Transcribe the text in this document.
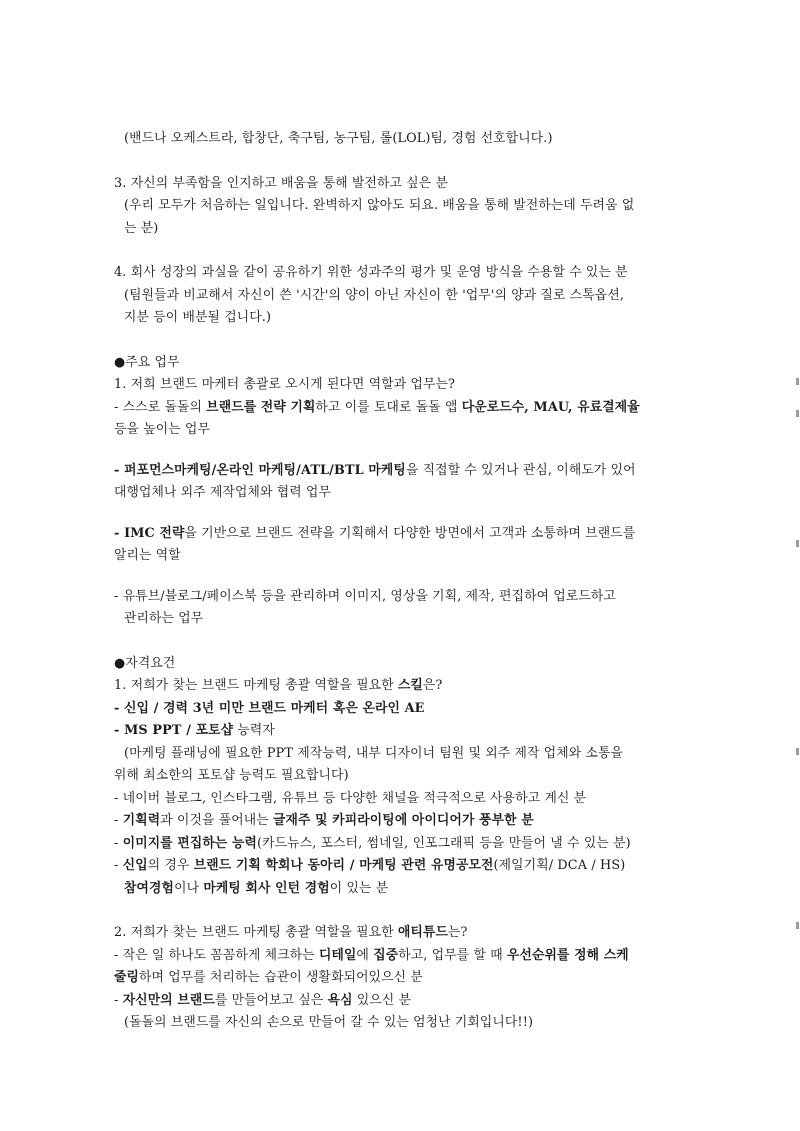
(밴드나 오케스트라, 합창단, 축구팀, 농구팀, 롤(LOL)팀, 경험 선호합니다.)

3. 자신의 부족함을 인지하고 배움을 통해 발전하고 싶은 분

(우리 모두가 처음하는 일입니다. 완벽하지 않아도 되요. 배움을 통해 발전하는데 두려움 없

는 분)

4. 회사 성장의 과실을 같이 공유하기 위한 성과주의 평가 및 운영 방식을 수용할 수 있는 분

(팀원들과 비교해서 자신이 쓴 '시간'의 양이 아닌 자신이 한 '업무'의 양과 질로 스톡옵션,

지분 등이 배분될 겁니다.)

●주요 업무

1. 저희 브랜드 마케터 총괄로 오시게 된다면 역할과 업무는?

- 스스로 돌돌의 브랜드를 전략 기획하고 이를 토대로 돌돌 앱 다운로드수, MAU, 유료결제율

등을 높이는 업무

- 퍼포먼스마케팅/온라인 마케팅/ATL/BTL 마케팅을 직접할 수 있거나 관심, 이해도가 있어

대행업체나 외주 제작업체와 협력 업무

- IMC 전략을 기반으로 브랜드 전략을 기획해서 다양한 방면에서 고객과 소통하며 브랜드를

알리는 역할

- 유튜브/블로그/페이스북 등을 관리하며 이미지, 영상을 기획, 제작, 편집하여 업로드하고

관리하는 업무

●자격요건

1. 저희가 찾는 브랜드 마케팅 총괄 역할을 필요한 스킬은?

- 신입 / 경력 3년 미만 브랜드 마케터 혹은 온라인 AE

- MS PPT / 포토샵 능력자

(마케팅 플래닝에 필요한 PPT 제작능력, 내부 디자이너 팀원 및 외주 제작 업체와 소통을

위해 최소한의 포토샵 능력도 필요합니다)

- 네이버 블로그, 인스타그램, 유튜브 등 다양한 채널을 적극적으로 사용하고 계신 분

- 기획력과 이것을 풀어내는 글재주 및 카피라이팅에 아이디어가 풍부한 분

- 이미지를 편집하는 능력(카드뉴스, 포스터, 썸네일, 인포그래픽 등을 만들어 낼 수 있는 분)

- 신입의 경우 브랜드 기획 학회나 동아리 / 마케팅 관련 유명공모전(제일기획/ DCA / HS)

참여경험이나 마케팅 회사 인턴 경험이 있는 분

2. 저희가 찾는 브랜드 마케팅 총괄 역할을 필요한 애티튜드는?

- 작은 일 하나도 꼼꼼하게 체크하는 디테일에 집중하고, 업무를 할 때 우선순위를 정해 스케

줄링하며 업무를 처리하는 습관이 생활화되어있으신 분

- 자신만의 브랜드를 만들어보고 싶은 욕심 있으신 분

(돌돌의 브랜드를 자신의 손으로 만들어 갈 수 있는 엄청난 기회입니다!!)
